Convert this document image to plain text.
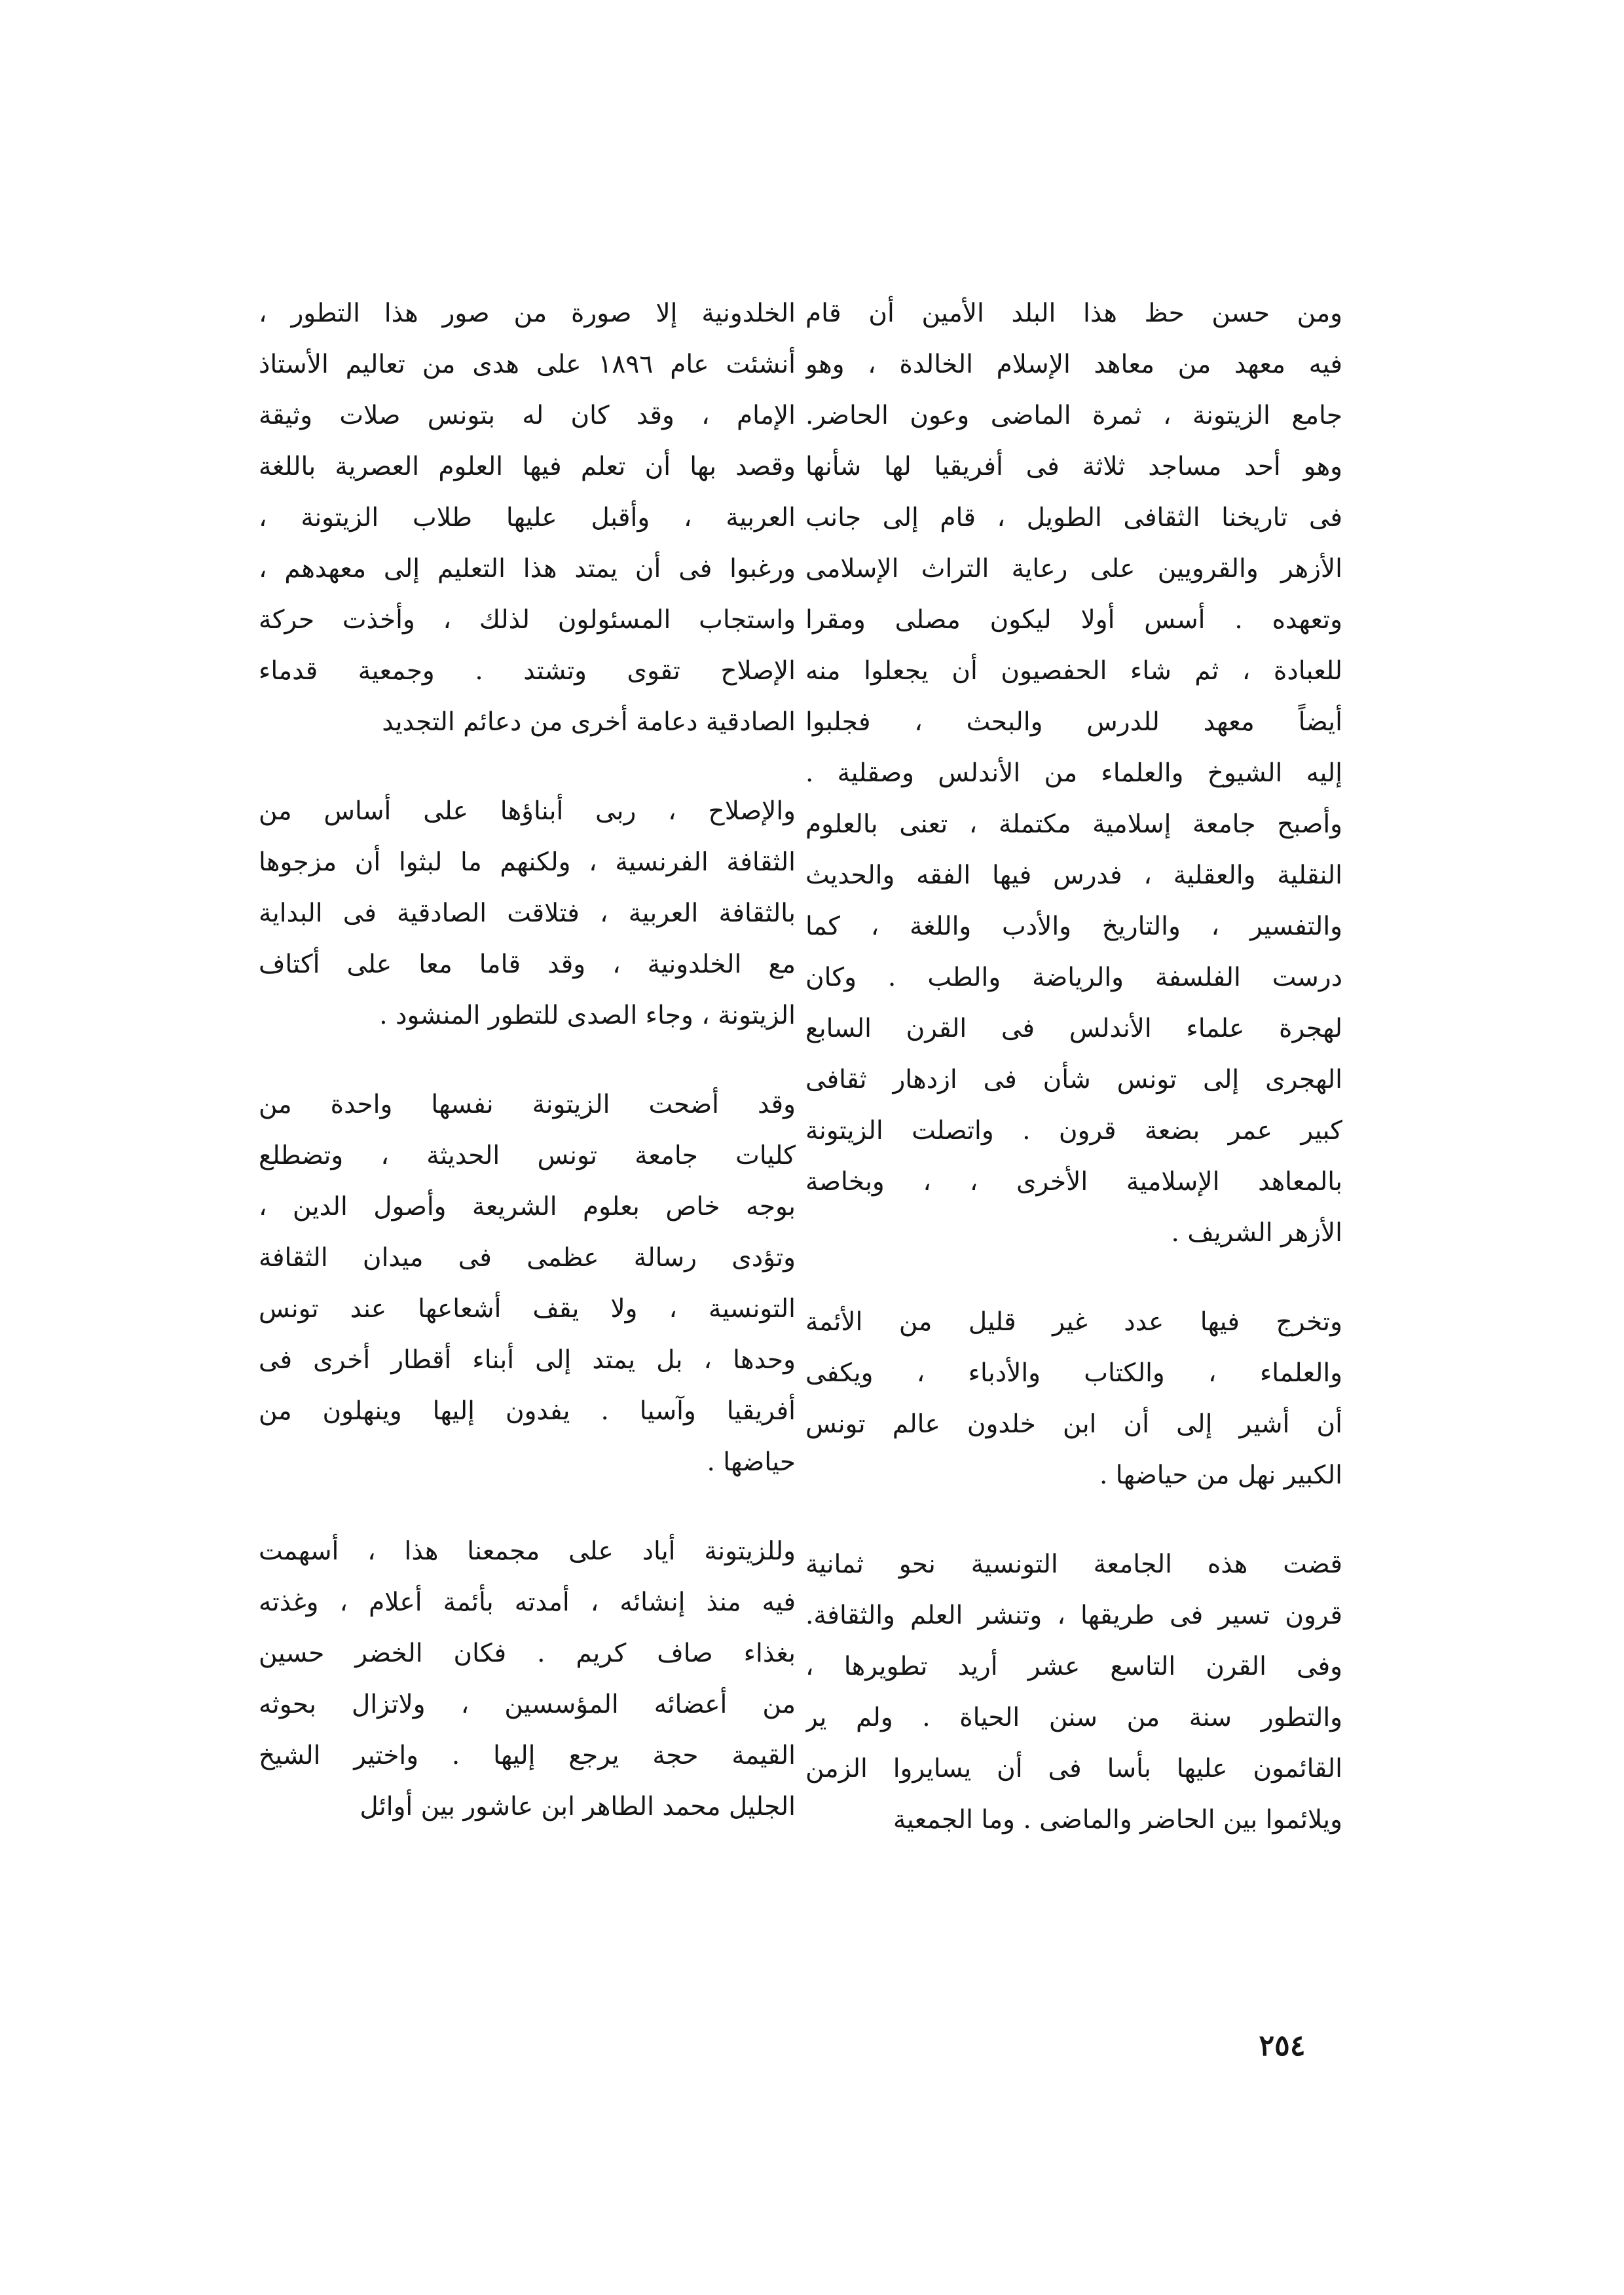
ومن حسن حظ هذا البلد الأمين أن قام
فيه معهد من معاهد الإسلام الخالدة ، وهو
جامع الزيتونة ، ثمرة الماضى وعون الحاضر.
وهو أحد مساجد ثلاثة فى أفريقيا لها شأنها
فى تاريخنا الثقافى الطويل ، قام إلى جانب
الأزهر والقرويين على رعاية التراث الإسلامى
وتعهده . أسس أولا ليكون مصلى ومقرا
للعبادة ، ثم شاء الحفصيون أن يجعلوا منه
أيضاً معهد للدرس والبحث ، فجلبوا
إليه الشيوخ والعلماء من الأندلس وصقلية .
وأصبح جامعة إسلامية مكتملة ، تعنى بالعلوم
النقلية والعقلية ، فدرس فيها الفقه والحديث
والتفسير ، والتاريخ والأدب واللغة ، كما
درست الفلسفة والرياضة والطب . وكان
لهجرة علماء الأندلس فى القرن السابع
الهجرى إلى تونس شأن فى ازدهار ثقافى
كبير عمر بضعة قرون . واتصلت الزيتونة
بالمعاهد الإسلامية الأخرى ، ، وبخاصة
الأزهر الشريف .
وتخرج فيها عدد غير قليل من الأئمة
والعلماء ، والكتاب والأدباء ، ويكفى
أن أشير إلى أن ابن خلدون عالم تونس
الكبير نهل من حياضها .
قضت هذه الجامعة التونسية نحو ثمانية
قرون تسير فى طريقها ، وتنشر العلم والثقافة.
وفى القرن التاسع عشر أريد تطويرها ،
والتطور سنة من سنن الحياة . ولم ير
القائمون عليها بأسا فى أن يسايروا الزمن
ويلائموا بين الحاضر والماضى . وما الجمعية
الخلدونية إلا صورة من صور هذا التطور ،
أنشئت عام ١٨٩٦ على هدى من تعاليم الأستاذ
الإمام ، وقد كان له بتونس صلات وثيقة
وقصد بها أن تعلم فيها العلوم العصرية باللغة
العربية ، وأقبل عليها طلاب الزيتونة ،
ورغبوا فى أن يمتد هذا التعليم إلى معهدهم ،
واستجاب المسئولون لذلك ، وأخذت حركة
الإصلاح تقوى وتشتد . وجمعية قدماء
الصادقية دعامة أخرى من دعائم التجديد
والإصلاح ، ربى أبناؤها على أساس من
الثقافة الفرنسية ، ولكنهم ما لبثوا أن مزجوها
بالثقافة العربية ، فتلاقت الصادقية فى البداية
مع الخلدونية ، وقد قاما معا على أكتاف
الزيتونة ، وجاء الصدى للتطور المنشود .
وقد أضحت الزيتونة نفسها واحدة من
كليات جامعة تونس الحديثة ، وتضطلع
بوجه خاص بعلوم الشريعة وأصول الدين ،
وتؤدى رسالة عظمى فى ميدان الثقافة
التونسية ، ولا يقف أشعاعها عند تونس
وحدها ، بل يمتد إلى أبناء أقطار أخرى فى
أفريقيا وآسيا . يفدون إليها وينهلون من
حياضها .
وللزيتونة أياد على مجمعنا هذا ، أسهمت
فيه منذ إنشائه ، أمدته بأئمة أعلام ، وغذته
بغذاء صاف كريم . فكان الخضر حسين
من أعضائه المؤسسين ، ولاتزال بحوثه
القيمة حجة يرجع إليها . واختير الشيخ
الجليل محمد الطاهر ابن عاشور بين أوائل
٢٥٤
